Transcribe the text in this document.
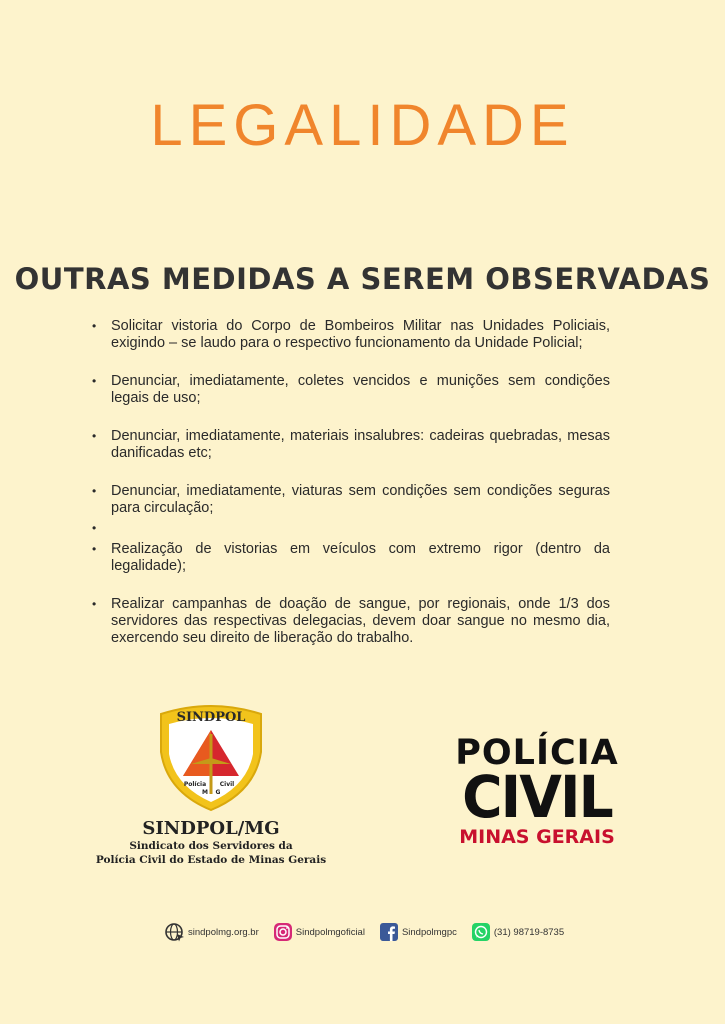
LEGALIDADE
OUTRAS MEDIDAS A SEREM OBSERVADAS
• Solicitar vistoria do Corpo de Bombeiros Militar nas Unidades Policiais, exigindo – se laudo para o respectivo funcionamento da Unidade Policial;
• Denunciar, imediatamente, coletes vencidos e munições sem condições legais de uso;
• Denunciar, imediatamente, materiais insalubres: cadeiras quebradas, mesas danificadas etc;
• Denunciar, imediatamente, viaturas sem condições sem condições seguras para circulação;
•
• Realização de vistorias em veículos com extremo rigor (dentro da legalidade);
• Realizar campanhas de doação de sangue, por regionais, onde 1/3 dos servidores das respectivas delegacias, devem doar sangue no mesmo dia, exercendo seu direito de liberação do trabalho.
SINDPOL
Polícia Civil
M G
SINDPOL/MG
Sindicato dos Servidores da
Polícia Civil do Estado de Minas Gerais
POLÍCIA
CIVIL
MINAS GERAIS
sindpolmg.org.br	Sindpolmgoficial	Sindpolmgpc	(31) 98719-8735
